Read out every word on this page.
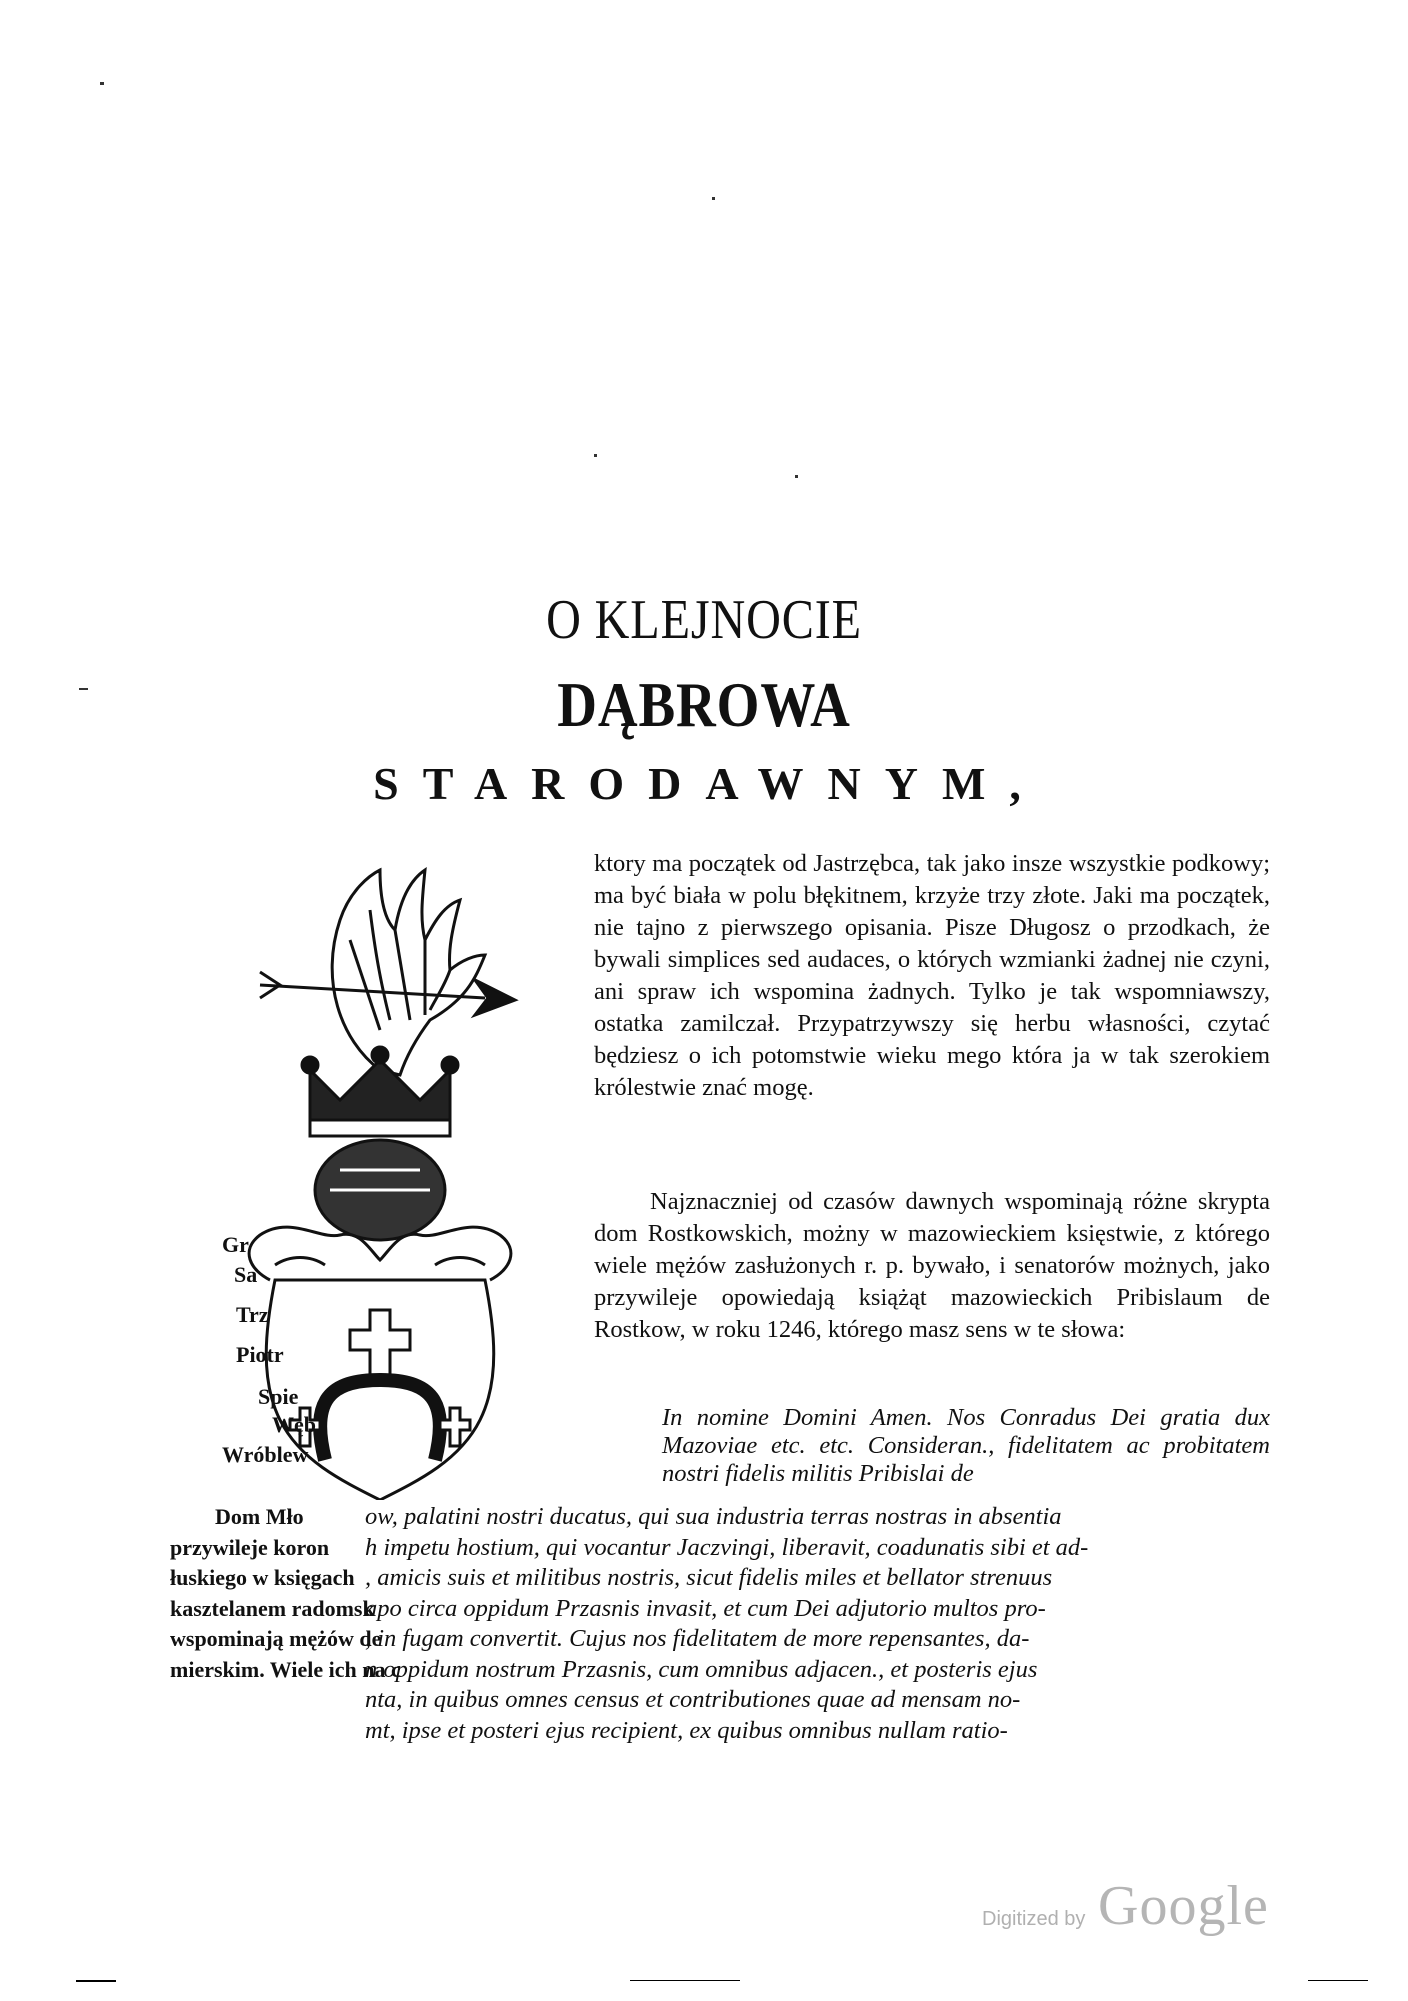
O KLEJNOCIE
DĄBROWA
STARODAWNYM,
Gr
Sa
Trz
Piotr
Spie
Węb
Wróblew
ktory ma początek od Jastrzębca, tak jako insze wszystkie podkowy; ma być biała w polu błękitnem, krzyże trzy złote. Jaki ma początek, nie tajno z pierwszego opisania. Pisze Długosz o przodkach, że bywali simplices sed audaces, o których wzmianki żadnej nie czyni, ani spraw ich wspomina żadnych. Tylko je tak wspomniawszy, ostatka zamilczał. Przypatrzywszy się herbu własności, czytać będziesz o ich potomstwie wieku mego która ja w tak szerokiem królestwie znać mogę.
Najznaczniej od czasów dawnych wspominają różne skrypta dom Rostkowskich, możny w mazowieckiem księstwie, z którego wiele mężów zasłużonych r. p. bywało, i senatorów możnych, jako przywileje opowiedają książąt mazowieckich Pribislaum de Rostkow, w roku 1246, którego masz sens w te słowa:
In nomine Domini Amen. Nos Conradus Dei gratia dux Mazoviae etc. etc. Consideran., fidelitatem ac probitatem nostri fidelis militis Pribislai de
Dom Mło
przywileje koron
łuskiego w księgach
kasztelanem radomsk
wspominają mężów de
mierskim. Wiele ich na c
ow, palatini nostri ducatus, qui sua industria terras nostras in absentia
h impetu hostium, qui vocantur Jaczvingi, liberavit, coadunatis sibi et ad-
, amicis suis et militibus nostris, sicut fidelis miles et bellator strenuus
apo circa oppidum Przasnis invasit, et cum Dei adjutorio multos pro-
, in fugam convertit. Cujus nos fidelitatem de more repensantes, da-
n oppidum nostrum Przasnis, cum omnibus adjacen., et posteris ejus
nta, in quibus omnes census et contributiones quae ad mensam no-
mt, ipse et posteri ejus recipient, ex quibus omnibus nullam ratio-
Digitized by Google
